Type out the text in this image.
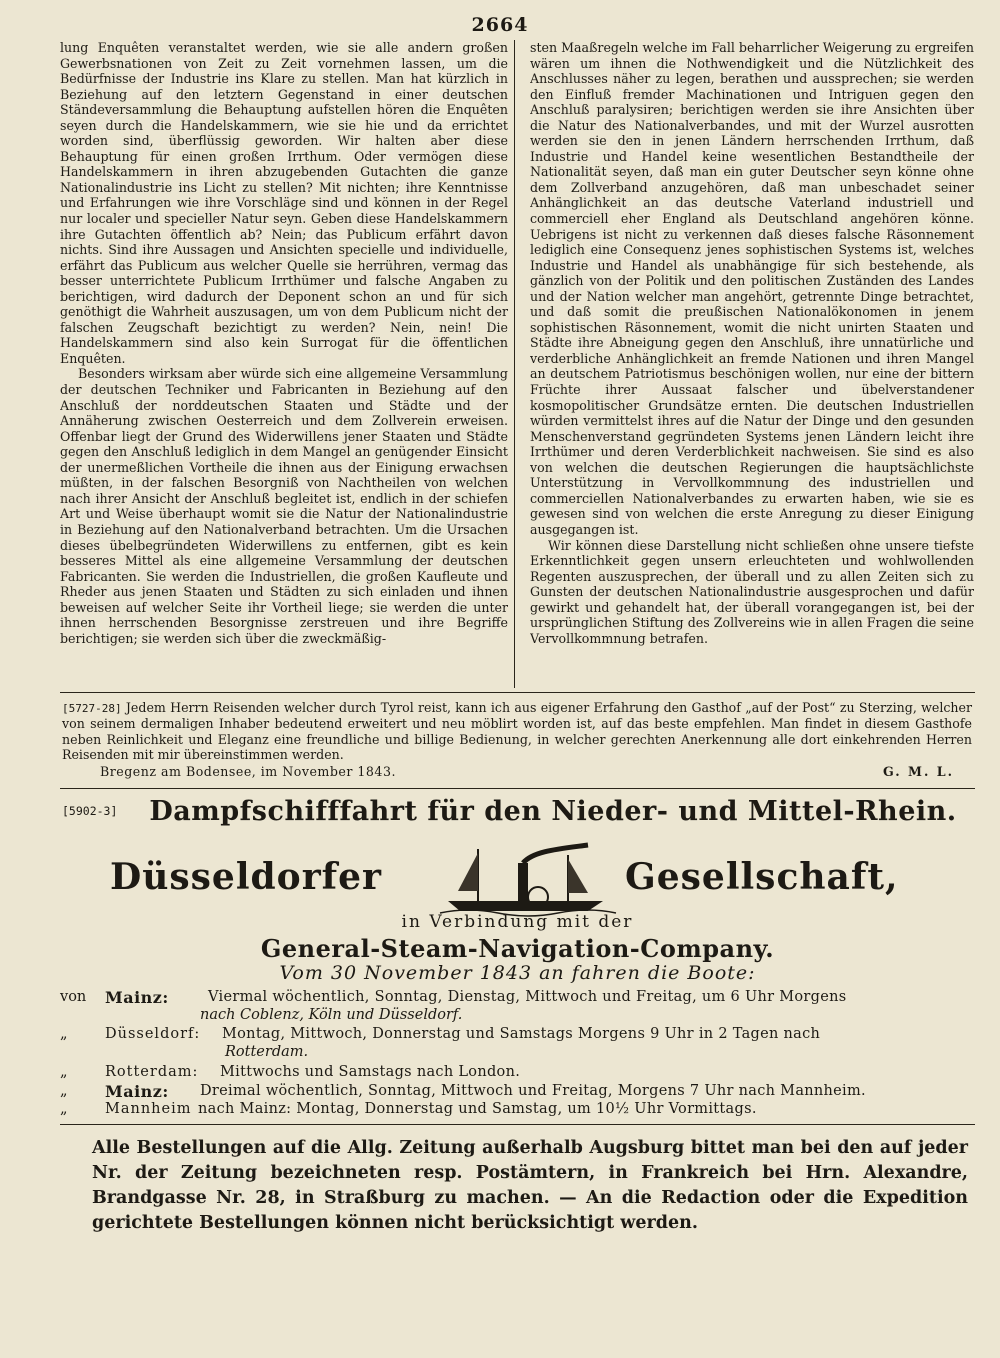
2664

lung Enquêten veranstaltet werden, wie sie alle andern großen Gewerbsnationen von Zeit zu Zeit vornehmen lassen, um die Bedürfnisse der Industrie ins Klare zu stellen. Man hat kürzlich in Beziehung auf den letztern Gegenstand in einer deutschen Ständeversammlung die Behauptung aufstellen hören die Enquêten seyen durch die Handelskammern, wie sie hie und da errichtet worden sind, überflüssig geworden. Wir halten aber diese Behauptung für einen großen Irrthum. Oder vermögen diese Handelskammern in ihren abzugebenden Gutachten die ganze Nationalindustrie ins Licht zu stellen? Mit nichten; ihre Kenntnisse und Erfahrungen wie ihre Vorschläge sind und können in der Regel nur localer und specieller Natur seyn. Geben diese Handelskammern ihre Gutachten öffentlich ab? Nein; das Publicum erfährt davon nichts. Sind ihre Aussagen und Ansichten specielle und individuelle, erfährt das Publicum aus welcher Quelle sie herrühren, vermag das besser unterrichtete Publicum Irrthümer und falsche Angaben zu berichtigen, wird dadurch der Deponent schon an und für sich genöthigt die Wahrheit auszusagen, um von dem Publicum nicht der falschen Zeugschaft bezichtigt zu werden? Nein, nein! Die Handelskammern sind also kein Surrogat für die öffentlichen Enquêten.

Besonders wirksam aber würde sich eine allgemeine Versammlung der deutschen Techniker und Fabricanten in Beziehung auf den Anschluß der norddeutschen Staaten und Städte und der Annäherung zwischen Oesterreich und dem Zollverein erweisen. Offenbar liegt der Grund des Widerwillens jener Staaten und Städte gegen den Anschluß lediglich in dem Mangel an genügender Einsicht der unermeßlichen Vortheile die ihnen aus der Einigung erwachsen müßten, in der falschen Besorgniß von Nachtheilen von welchen nach ihrer Ansicht der Anschluß begleitet ist, endlich in der schiefen Art und Weise überhaupt womit sie die Natur der Nationalindustrie in Beziehung auf den Nationalverband betrachten. Um die Ursachen dieses übelbegründeten Widerwillens zu entfernen, gibt es kein besseres Mittel als eine allgemeine Versammlung der deutschen Fabricanten. Sie werden die Industriellen, die großen Kaufleute und Rheder aus jenen Staaten und Städten zu sich einladen und ihnen beweisen auf welcher Seite ihr Vortheil liege; sie werden die unter ihnen herrschenden Besorgnisse zerstreuen und ihre Begriffe berichtigen; sie werden sich über die zweckmäßig-

sten Maaßregeln welche im Fall beharrlicher Weigerung zu ergreifen wären um ihnen die Nothwendigkeit und die Nützlichkeit des Anschlusses näher zu legen, berathen und aussprechen; sie werden den Einfluß fremder Machinationen und Intriguen gegen den Anschluß paralysiren; berichtigen werden sie ihre Ansichten über die Natur des Nationalverbandes, und mit der Wurzel ausrotten werden sie den in jenen Ländern herrschenden Irrthum, daß Industrie und Handel keine wesentlichen Bestandtheile der Nationalität seyen, daß man ein guter Deutscher seyn könne ohne dem Zollverband anzugehören, daß man unbeschadet seiner Anhänglichkeit an das deutsche Vaterland industriell und commerciell eher England als Deutschland angehören könne. Uebrigens ist nicht zu verkennen daß dieses falsche Räsonnement lediglich eine Consequenz jenes sophistischen Systems ist, welches Industrie und Handel als unabhängige für sich bestehende, als gänzlich von der Politik und den politischen Zuständen des Landes und der Nation welcher man angehört, getrennte Dinge betrachtet, und daß somit die preußischen Nationalökonomen in jenem sophistischen Räsonnement, womit die nicht unirten Staaten und Städte ihre Abneigung gegen den Anschluß, ihre unnatürliche und verderbliche Anhänglichkeit an fremde Nationen und ihren Mangel an deutschem Patriotismus beschönigen wollen, nur eine der bittern Früchte ihrer Aussaat falscher und übelverstandener kosmopolitischer Grundsätze ernten. Die deutschen Industriellen würden vermittelst ihres auf die Natur der Dinge und den gesunden Menschenverstand gegründeten Systems jenen Ländern leicht ihre Irrthümer und deren Verderblichkeit nachweisen. Sie sind es also von welchen die deutschen Regierungen die hauptsächlichste Unterstützung in Vervollkommnung des industriellen und commerciellen Nationalverbandes zu erwarten haben, wie sie es gewesen sind von welchen die erste Anregung zu dieser Einigung ausgegangen ist.

Wir können diese Darstellung nicht schließen ohne unsere tiefste Erkenntlichkeit gegen unsern erleuchteten und wohlwollenden Regenten auszusprechen, der überall und zu allen Zeiten sich zu Gunsten der deutschen Nationalindustrie ausgesprochen und dafür gewirkt und gehandelt hat, der überall vorangegangen ist, bei der ursprünglichen Stiftung des Zollvereins wie in allen Fragen die seine Vervollkommnung betrafen.

[5727-28] Jedem Herrn Reisenden welcher durch Tyrol reist, kann ich aus eigener Erfahrung den Gasthof „auf der Post“ zu Sterzing, welcher von seinem dermaligen Inhaber bedeutend erweitert und neu möblirt worden ist, auf das beste empfehlen. Man findet in diesem Gasthofe neben Reinlichkeit und Eleganz eine freundliche und billige Bedienung, in welcher gerechten Anerkennung alle dort einkehrenden Herren Reisenden mit mir übereinstimmen werden.
Bregenz am Bodensee, im November 1843.	G. M. L.
[5902-3]	Dampfschifffahrt für den Nieder- und Mittel-Rhein.
Düsseldorfer	Gesellschaft,
in Verbindung mit der
General-Steam-Navigation-Company.
Vom 30 November 1843 an fahren die Boote:
von	Mainz:	Viermal wöchentlich, Sonntag, Dienstag, Mittwoch und Freitag, um 6 Uhr Morgens
nach Coblenz, Köln und Düsseldorf.
„	Düsseldorf: Montag, Mittwoch, Donnerstag und Samstags Morgens 9 Uhr in 2 Tagen nach
Rotterdam.
„	Rotterdam: Mittwochs und Samstags nach London.
„	Mainz: Dreimal wöchentlich, Sonntag, Mittwoch und Freitag, Morgens 7 Uhr nach Mannheim.
„	Mannheim nach Mainz: Montag, Donnerstag und Samstag, um 10½ Uhr Vormittags.
Alle Bestellungen auf die Allg. Zeitung außerhalb Augsburg bittet man bei den auf jeder Nr. der Zeitung bezeichneten resp. Postämtern, in Frankreich bei Hrn. Alexandre, Brandgasse Nr. 28, in Straßburg zu machen. — An die Redaction oder die Expedition gerichtete Bestellungen können nicht berücksichtigt werden.
